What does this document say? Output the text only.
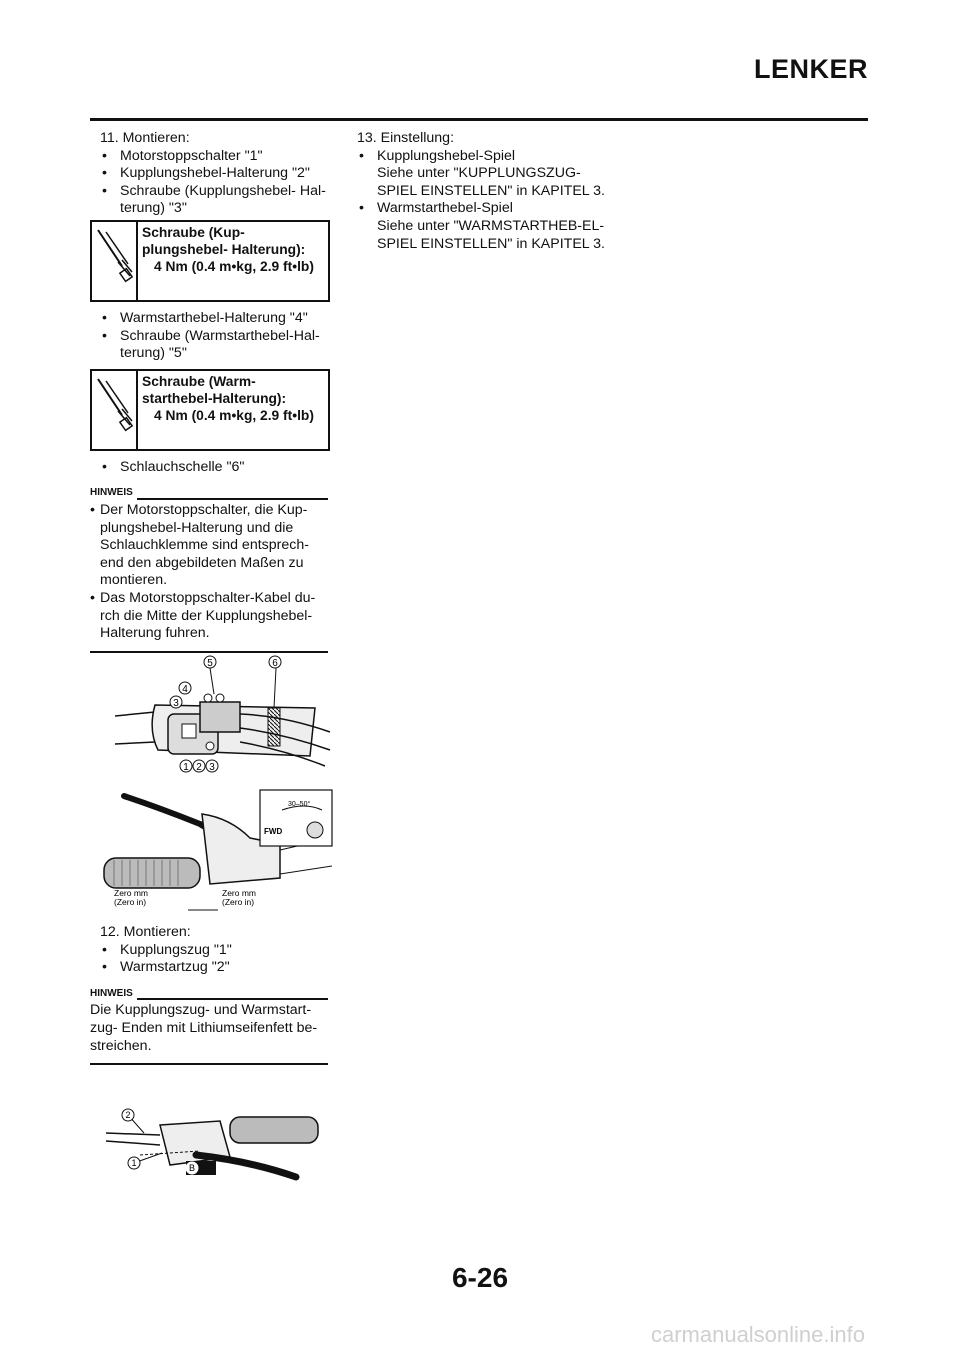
LENKER
11. Montieren:
• Motorstoppschalter "1"
• Kupplungshebel-Halterung "2"
• Schraube (Kupplungshebel- Hal-terung) "3"
Schraube (Kup-plungshebel- Halterung):
4 Nm (0.4 m•kg, 2.9 ft•lb)
• Warmstarthebel-Halterung "4"
• Schraube (Warmstarthebel-Hal-terung) "5"
Schraube (Warm-starthebel-Halterung):
4 Nm (0.4 m•kg, 2.9 ft•lb)
• Schlauchschelle "6"
HINWEIS
• Der Motorstoppschalter, die Kup-plungshebel-Halterung und die Schlauchklemme sind entsprech-end den abgebildeten Maßen zu montieren.
• Das Motorstoppschalter-Kabel du-rch die Mitte der Kupplungshebel-Halterung fuhren.
5	6
4
3
1 2 3
30–50°
FWD
Zero mm
(Zero in)
Zero mm
(Zero in)
12. Montieren:
• Kupplungszug "1"
• Warmstartzug "2"
HINWEIS
Die Kupplungszug- und Warmstart-zug- Enden mit Lithiumseifenfett be-streichen.
2
1	B
13. Einstellung:
• Kupplungshebel-Spiel
Siehe unter "KUPPLUNGSZUG-SPIEL EINSTELLEN" in KAPITEL 3.
• Warmstarthebel-Spiel
Siehe unter "WARMSTARTHEB-EL-SPIEL EINSTELLEN" in KAPITEL 3.
6-26
carmanualsonline.info
